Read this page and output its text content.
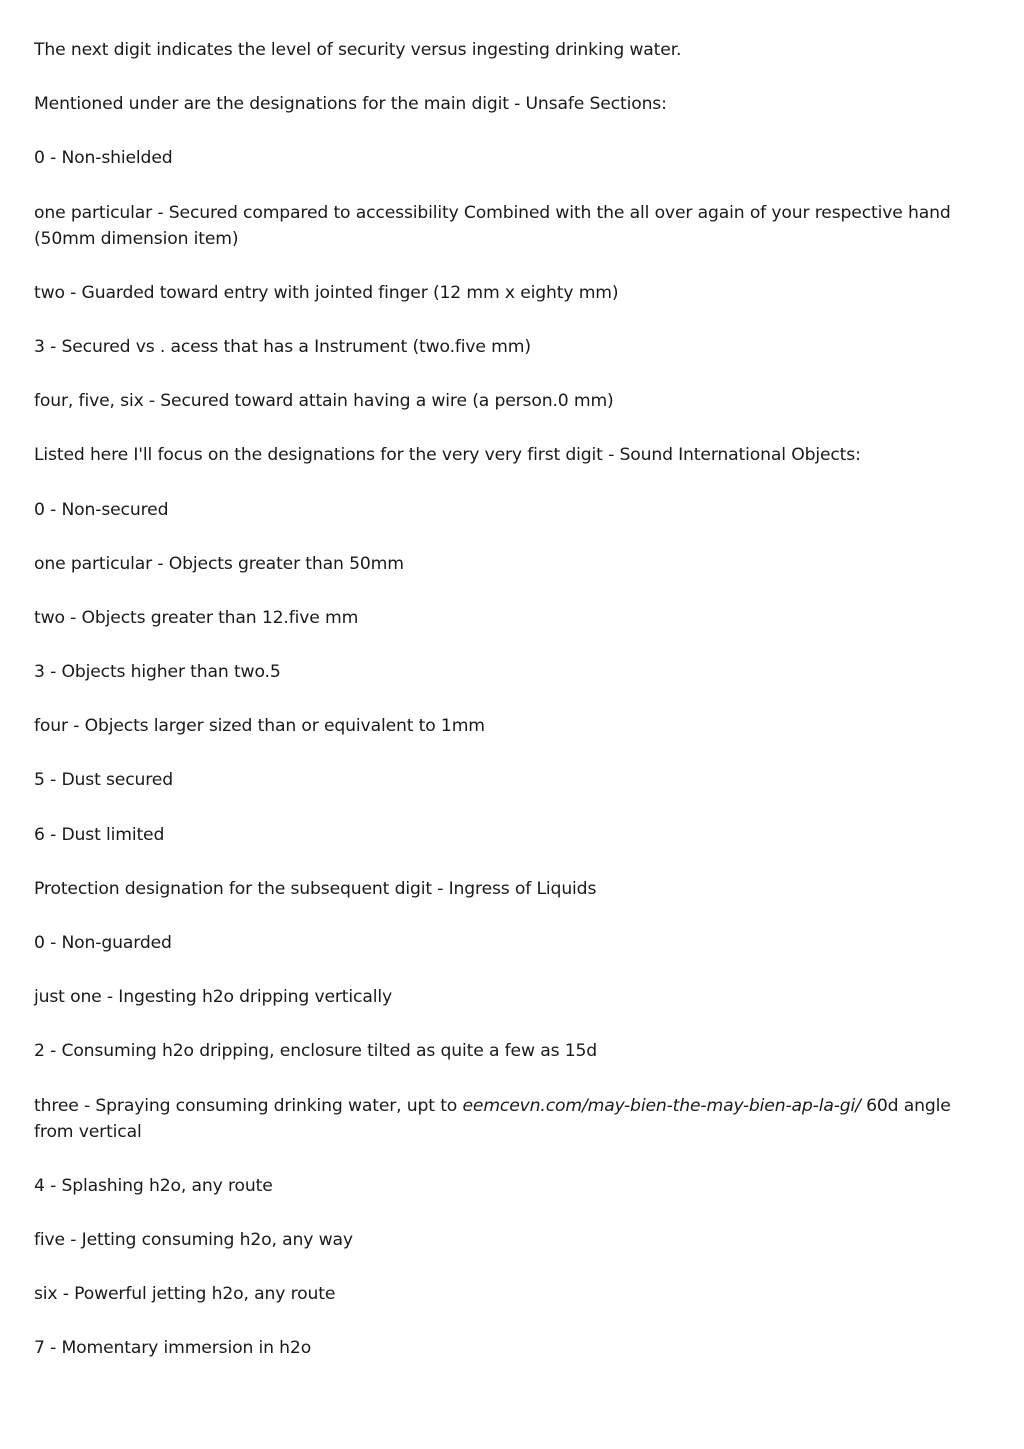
The next digit indicates the level of security versus ingesting drinking water.

Mentioned under are the designations for the main digit - Unsafe Sections:

0 - Non-shielded

one particular - Secured compared to accessibility Combined with the all over again of your respective hand (50mm dimension item)

two - Guarded toward entry with jointed finger (12 mm x eighty mm)

3 - Secured vs . acess that has a Instrument (two.five mm)

four, five, six - Secured toward attain having a wire (a person.0 mm)

Listed here I'll focus on the designations for the very very first digit - Sound International Objects:

0 - Non-secured

one particular - Objects greater than 50mm

two - Objects greater than 12.five mm

3 - Objects higher than two.5

four - Objects larger sized than or equivalent to 1mm

5 - Dust secured

6 - Dust limited

Protection designation for the subsequent digit - Ingress of Liquids

0 - Non-guarded

just one - Ingesting h2o dripping vertically

2 - Consuming h2o dripping, enclosure tilted as quite a few as 15d

three - Spraying consuming drinking water, upt to eemcevn.com/may-bien-the-may-bien-ap-la-gi/ 60d angle from vertical

4 - Splashing h2o, any route

five - Jetting consuming h2o, any way

six - Powerful jetting h2o, any route

7 - Momentary immersion in h2o
